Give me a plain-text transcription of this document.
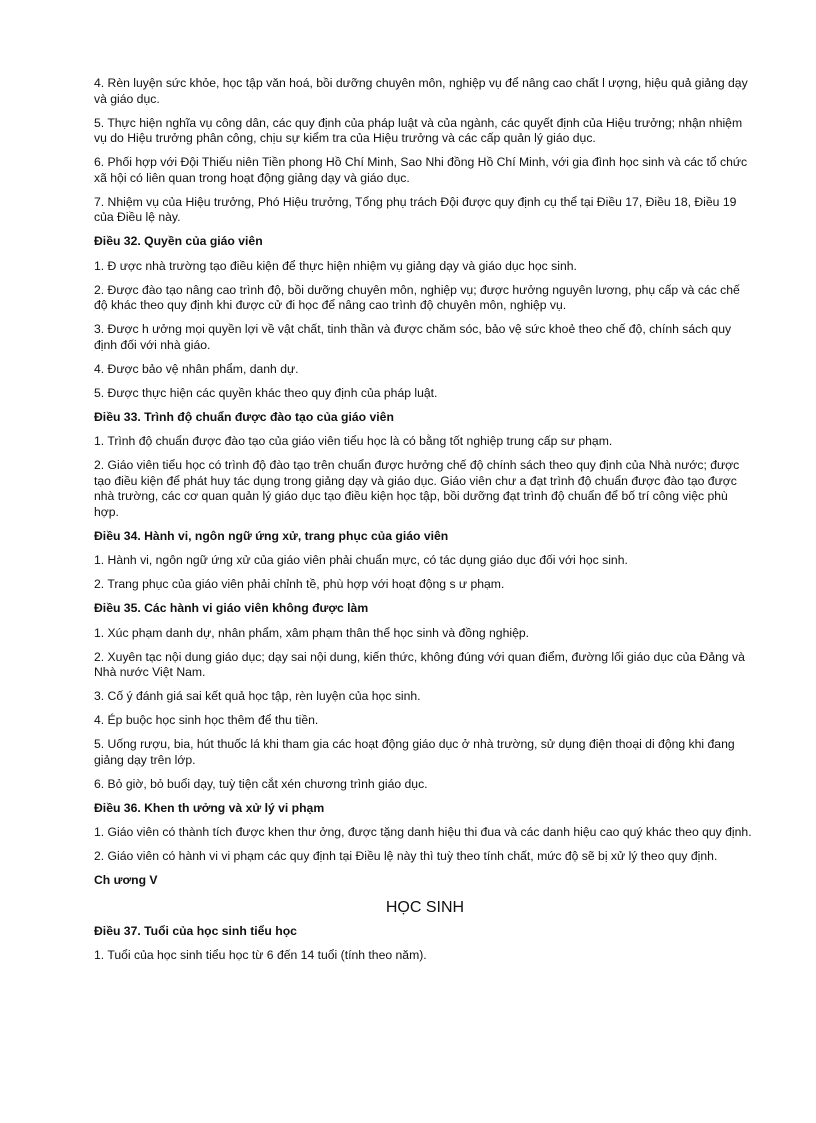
4. Rèn luyện sức khỏe, học tập văn hoá, bồi dưỡng chuyên môn, nghiệp vụ để nâng cao chất l ượng, hiệu quả giảng dạy và giáo dục.

5. Thực hiện nghĩa vụ công dân, các quy định của pháp luật và của ngành, các quyết định của Hiệu trưởng; nhận nhiệm vụ do Hiệu trưởng phân công, chịu sự kiểm tra của Hiệu trưởng và các cấp quản lý giáo dục.

6. Phối hợp với Đội Thiếu niên Tiền phong Hồ Chí Minh, Sao Nhi đồng Hồ Chí Minh, với gia đình học sinh và các tổ chức xã hội có liên quan trong hoạt động giảng dạy và giáo dục.

7. Nhiệm vụ của Hiệu trưởng, Phó Hiệu trưởng, Tổng phụ trách Đội được quy định cụ thể tại Điều 17, Điều 18, Điều 19 của Điều lệ này.

Điều 32. Quyền của giáo viên

1. Đ ược nhà trường tạo điều kiện để thực hiện nhiệm vụ giảng dạy và giáo dục học sinh.

2. Được đào tạo nâng cao trình độ, bồi dưỡng chuyên môn, nghiệp vụ; được hưởng nguyên lương, phụ cấp và các chế độ khác theo quy định khi được cử đi học để nâng cao trình độ chuyên môn, nghiệp vụ.

3. Được h ưởng mọi quyền lợi về vật chất, tinh thần và được chăm sóc, bảo vệ sức khoẻ theo chế độ, chính sách quy định đối với nhà giáo.

4. Được bảo vệ nhân phẩm, danh dự.

5. Được thực hiện các quyền khác theo quy định của pháp luật.

Điều 33. Trình độ chuẩn được đào tạo của giáo viên

1. Trình độ chuẩn được đào tạo của giáo viên tiểu học là có bằng tốt nghiệp trung cấp sư phạm.

2. Giáo viên tiểu học có trình độ đào tạo trên chuẩn được hưởng chế độ chính sách theo quy định của Nhà nước; được tạo điều kiện để phát huy tác dụng trong giảng dạy và giáo dục. Giáo viên chư a đạt trình độ chuẩn được đào tạo được nhà trường, các cơ quan quản lý giáo dục tạo điều kiện học tập, bồi dưỡng đạt trình độ chuẩn để bố trí công việc phù hợp.

Điều 34. Hành vi, ngôn ngữ ứng xử, trang phục của giáo viên

1. Hành vi, ngôn ngữ ứng xử của giáo viên phải chuẩn mực, có tác dụng giáo dục đối với học sinh.

2. Trang phục của giáo viên phải chỉnh tề, phù hợp với hoạt động s ư phạm.

Điều 35. Các hành vi giáo viên không được làm

1. Xúc phạm danh dự, nhân phẩm, xâm phạm thân thể học sinh và đồng nghiệp.

2. Xuyên tạc nội dung giáo dục; dạy sai nội dung, kiến thức, không đúng với quan điểm, đường lối giáo dục của Đảng và Nhà nước Việt Nam.

3. Cố ý đánh giá sai kết quả học tập, rèn luyện của học sinh.

4. Ép buộc học sinh học thêm để thu tiền.

5. Uống rượu, bia, hút thuốc lá khi tham gia các hoạt động giáo dục ở nhà trường, sử dụng điện thoại di động khi đang giảng dạy trên lớp.

6. Bỏ giờ, bỏ buổi dạy, tuỳ tiện cắt xén chương trình giáo dục.

Điều 36. Khen th ưởng và xử lý vi phạm

1. Giáo viên có thành tích được khen thư ởng, được tặng danh hiệu thi đua và các danh hiệu cao quý khác theo quy định.

2. Giáo viên có hành vi vi phạm các quy định tại Điều lệ này thì tuỳ theo tính chất, mức độ sẽ bị xử lý theo quy định.

Ch ương V

HỌC SINH

Điều 37. Tuổi của học sinh tiểu học

1. Tuổi của học sinh tiểu học từ 6 đến 14 tuổi (tính theo năm).
